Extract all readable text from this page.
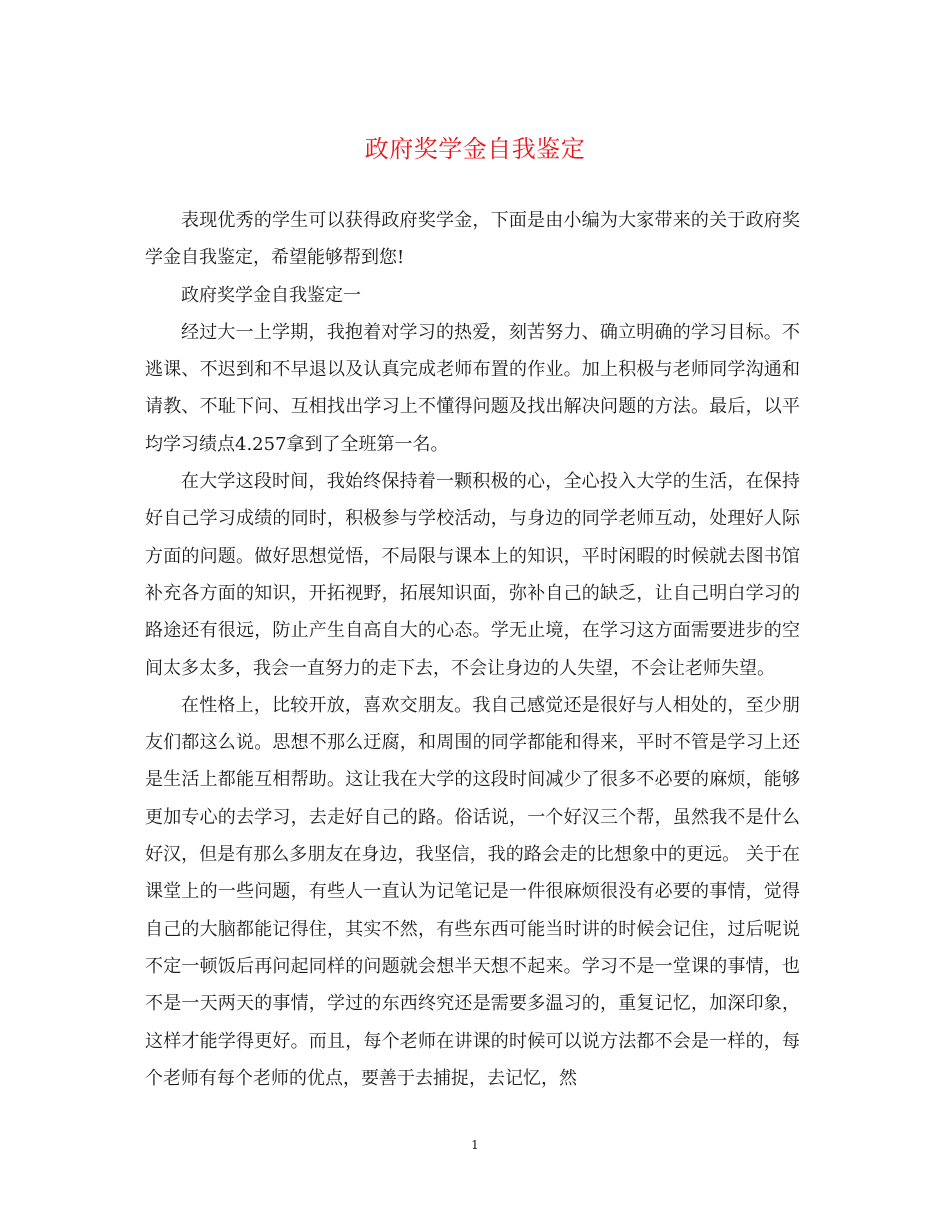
政府奖学金自我鉴定

表现优秀的学生可以获得政府奖学金，下面是由小编为大家带来的关于政府奖学金自我鉴定，希望能够帮到您!

政府奖学金自我鉴定一

经过大一上学期，我抱着对学习的热爱，刻苦努力、确立明确的学习目标。不逃课、不迟到和不早退以及认真完成老师布置的作业。加上积极与老师同学沟通和请教、不耻下问、互相找出学习上不懂得问题及找出解决问题的方法。最后，以平均学习绩点4.257拿到了全班第一名。

在大学这段时间，我始终保持着一颗积极的心，全心投入大学的生活，在保持好自己学习成绩的同时，积极参与学校活动，与身边的同学老师互动，处理好人际方面的问题。做好思想觉悟，不局限与课本上的知识，平时闲暇的时候就去图书馆补充各方面的知识，开拓视野，拓展知识面，弥补自己的缺乏，让自己明白学习的路途还有很远，防止产生自高自大的心态。学无止境，在学习这方面需要进步的空间太多太多，我会一直努力的走下去，不会让身边的人失望，不会让老师失望。

在性格上，比较开放，喜欢交朋友。我自己感觉还是很好与人相处的，至少朋友们都这么说。思想不那么迂腐，和周围的同学都能和得来，平时不管是学习上还是生活上都能互相帮助。这让我在大学的这段时间减少了很多不必要的麻烦，能够更加专心的去学习，去走好自己的路。俗话说，一个好汉三个帮，虽然我不是什么好汉，但是有那么多朋友在身边，我坚信，我的路会走的比想象中的更远。 关于在课堂上的一些问题，有些人一直认为记笔记是一件很麻烦很没有必要的事情，觉得自己的大脑都能记得住，其实不然，有些东西可能当时讲的时候会记住，过后呢说不定一顿饭后再问起同样的问题就会想半天想不起来。学习不是一堂课的事情，也不是一天两天的事情，学过的东西终究还是需要多温习的，重复记忆，加深印象，这样才能学得更好。而且，每个老师在讲课的时候可以说方法都不会是一样的，每个老师有每个老师的优点，要善于去捕捉，去记忆，然

1
